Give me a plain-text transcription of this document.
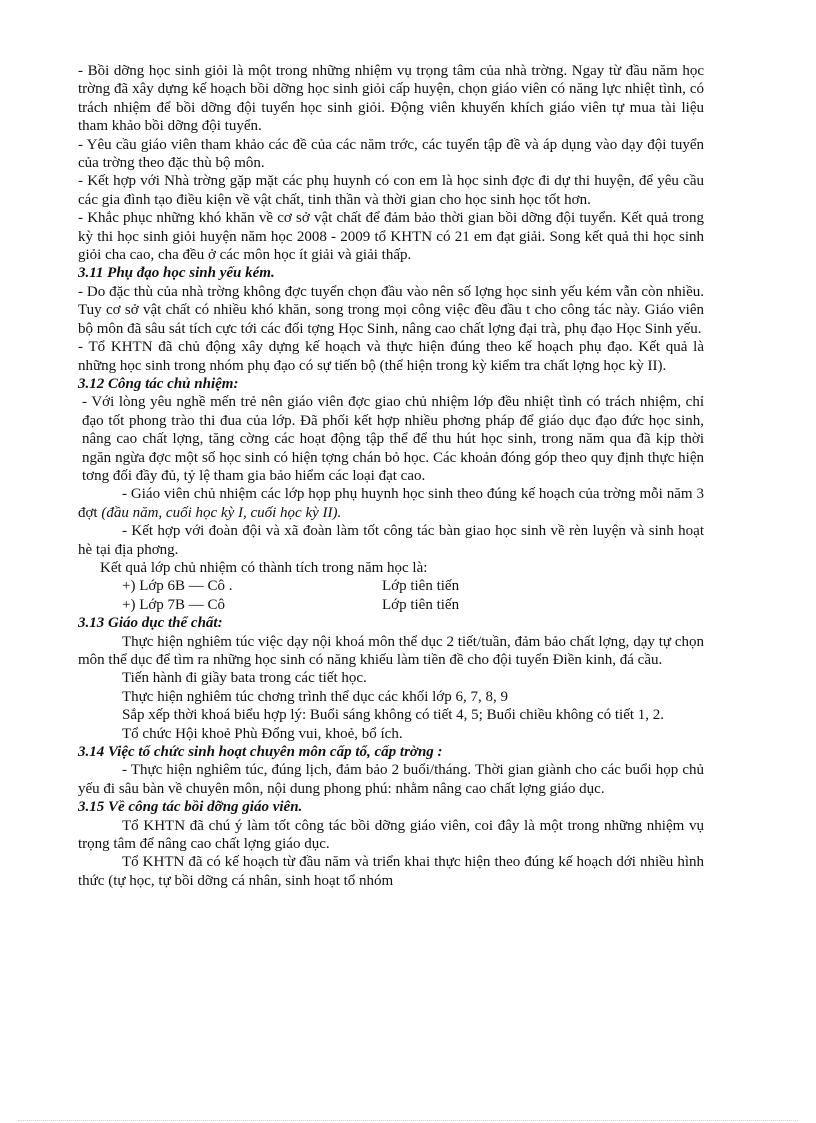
- Bồi dỡng học sinh giỏi là một trong những nhiệm vụ trọng tâm của nhà trờng. Ngay từ đầu năm học trờng đã xây dựng kế hoạch bồi dỡng học sinh giỏi cấp huyện, chọn giáo viên có năng lực nhiệt tình, có trách nhiệm để bồi dỡng đội tuyển học sinh giỏi. Động viên khuyến khích giáo viên tự mua tài liệu tham khảo bồi dỡng đội tuyển.

- Yêu cầu giáo viên tham khảo các đề của các năm trớc, các tuyển tập đề và áp dụng vào dạy đội tuyển của trờng theo đặc thù bộ môn.

- Kết hợp với Nhà trờng gặp mặt các phụ huynh có con em là học sinh đợc đi dự thi huyện, để yêu cầu các gia đình tạo điều kiện về vật chất, tinh thần và thời gian cho học sinh học tốt hơn.

- Khắc phục những khó khăn về cơ sở vật chất để đảm bảo thời gian bồi dỡng đội tuyển. Kết quả trong kỳ thi học sinh giỏi huyện năm học 2008 - 2009 tổ KHTN có 21 em đạt giải. Song kết quả thi học sinh giỏi cha cao, cha đều ở các môn học ít giải và giải thấp.

3.11 Phụ đạo học sinh yếu kém.

- Do đặc thù của nhà trờng không đợc tuyển chọn đầu vào nên số lợng học sinh yếu kém vẫn còn nhiều. Tuy cơ sở vật chất có nhiều khó khăn, song trong mọi công việc đều đầu t cho công tác này. Giáo viên bộ môn đã sâu sát tích cực tới các đối tợng Học Sinh, nâng cao chất lợng đại trà, phụ đạo Học Sinh yếu.

- Tổ KHTN đã chủ động xây dựng kế hoạch và thực hiện đúng theo kế hoạch phụ đạo. Kết quả là những học sinh trong nhóm phụ đạo có sự tiến bộ (thể hiện trong kỳ kiểm tra chất lợng học kỳ II).

3.12 Công tác chủ nhiệm:

- Với lòng yêu nghề mến trẻ nên giáo viên đợc giao chủ nhiệm lớp đều nhiệt tình có trách nhiệm, chỉ đạo tốt phong trào thi đua của lớp. Đã phối kết hợp nhiều phơng pháp để giáo dục đạo đức học sinh, nâng cao chất lợng, tăng cờng các hoạt động tập thể để thu hút học sinh, trong năm qua đã kịp thời ngăn ngừa đợc một số học sinh có hiện tợng chán bỏ học. Các khoản đóng góp theo quy định thực hiện tơng đối đầy đủ, tỷ lệ tham gia bảo hiểm các loại đạt cao.

- Giáo viên chủ nhiệm các lớp họp phụ huynh học sinh theo đúng kế hoạch của trờng mỗi năm 3 đợt (đầu năm, cuối học kỳ I, cuối học kỳ II).

- Kết hợp với đoàn đội và xã đoàn làm tốt công tác bàn giao học sinh về rèn luyện và sinh hoạt hè tại địa phơng.

Kết quả lớp chủ nhiệm có thành tích trong năm học là:

+) Lớp 6B — Cô .	Lớp tiên tiến
+) Lớp 7B — Cô	Lớp tiên tiến

3.13 Giáo dục thể chất:

Thực hiện nghiêm túc việc dạy nội khoá môn thể dục 2 tiết/tuần, đảm bảo chất lợng, dạy tự chọn môn thể dục để tìm ra những học sinh có năng khiếu làm tiền đề cho đội tuyển Điền kinh, đá cầu.

Tiến hành đi giầy bata trong các tiết học.

Thực hiện nghiêm túc chơng trình thể dục các khối lớp 6, 7, 8, 9

Sắp xếp thời khoá biểu hợp lý: Buổi sáng không có tiết 4, 5; Buổi chiều không có tiết 1, 2.

Tổ chức Hội khoẻ Phù Đổng vui, khoẻ, bổ ích.

3.14 Việc tổ chức sinh hoạt chuyên môn cấp tổ, cấp trờng :

- Thực hiện nghiêm túc, đúng lịch, đảm bảo 2 buổi/tháng. Thời gian giành cho các buổi họp chủ yếu đi sâu bàn về chuyên môn, nội dung phong phú: nhằm nâng cao chất lợng giáo dục.

3.15 Về công tác bồi dỡng giáo viên.

Tổ KHTN đã chú ý làm tốt công tác bồi dỡng giáo viên, coi đây là một trong những nhiệm vụ trọng tâm để nâng cao chất lợng giáo dục.

Tổ KHTN đã có kế hoạch từ đầu năm và triển khai thực hiện theo đúng kế hoạch dới nhiều hình thức (tự học, tự bồi dỡng cá nhân, sinh hoạt tổ nhóm
